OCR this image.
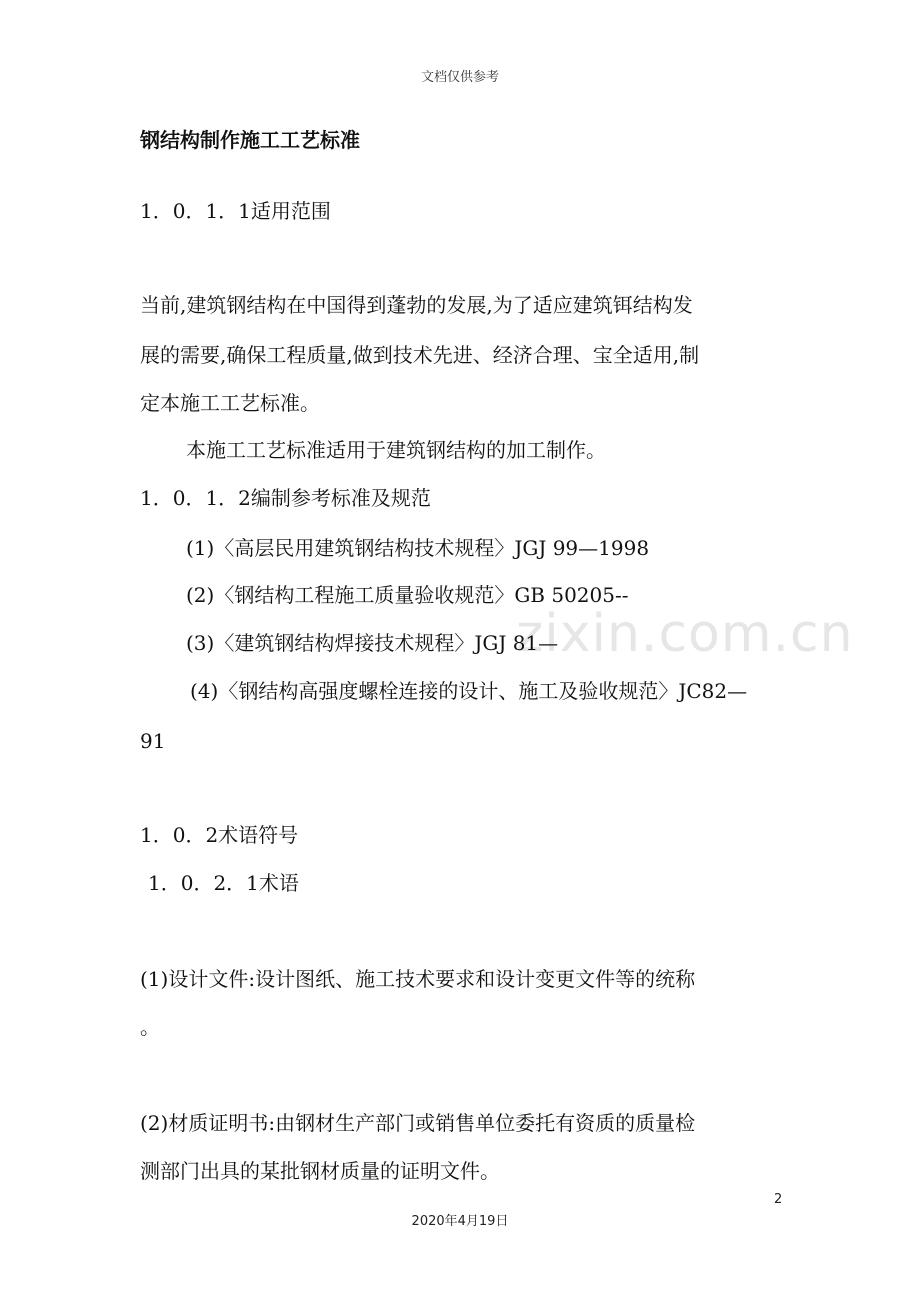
文档仅供参考
zixin.com.cn
钢结构制作施工工艺标准
1．0．1．1适用范围
当前,建筑钢结构在中国得到蓬勃的发展,为了适应建筑铒结构发
展的需要,确保工程质量,做到技术先进、经济合理、宝全适用,制
定本施工工艺标准。
本施工工艺标准适用于建筑钢结构的加工制作。
1．0．1．2编制参考标准及规范
(1)〈高层民用建筑钢结构技术规程〉JGJ 99—1998
(2)〈钢结构工程施工质量验收规范〉GB 50205--
(3)〈建筑钢结构焊接技术规程〉JGJ 81—
(4)〈钢结构高强度螺栓连接的设计、施工及验收规范〉JC82—
91
1．0．2术语符号
1．0．2．1术语
(1)设计文件:设计图纸、施工技术要求和设计变更文件等的统称
。
(2)材质证明书:由钢材生产部门或销售单位委托有资质的质量检
测部门出具的某批钢材质量的证明文件。
2
2020年4月19日
